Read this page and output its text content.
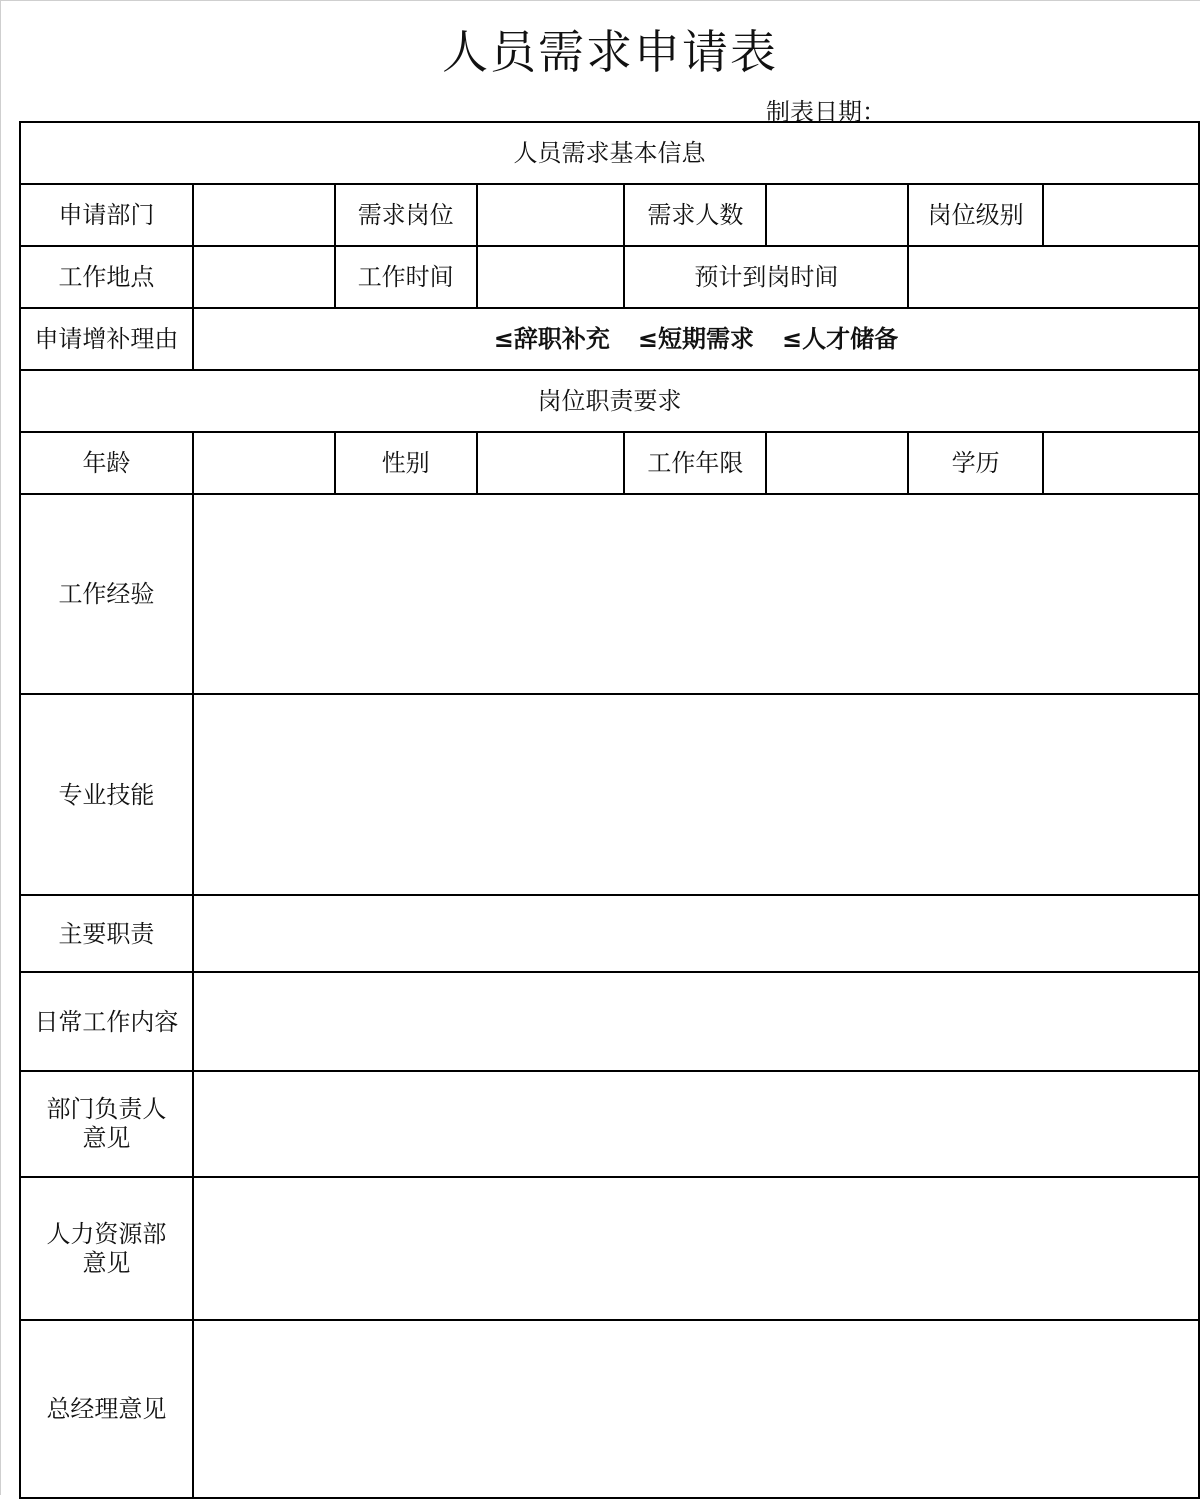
人员需求申请表
制表日期：
人员需求基本信息							
申请部门		需求岗位		需求人数		岗位级别	
工作地点		工作时间		预计到岗时间			
申请增补理由	≤辞职补充 ≤短期需求 ≤人才储备						
岗位职责要求							
年龄		性别		工作年限		学历	
工作经验							
专业技能							
主要职责							
日常工作内容							
部门负责人意见							
人力资源部意见							
总经理意见							
